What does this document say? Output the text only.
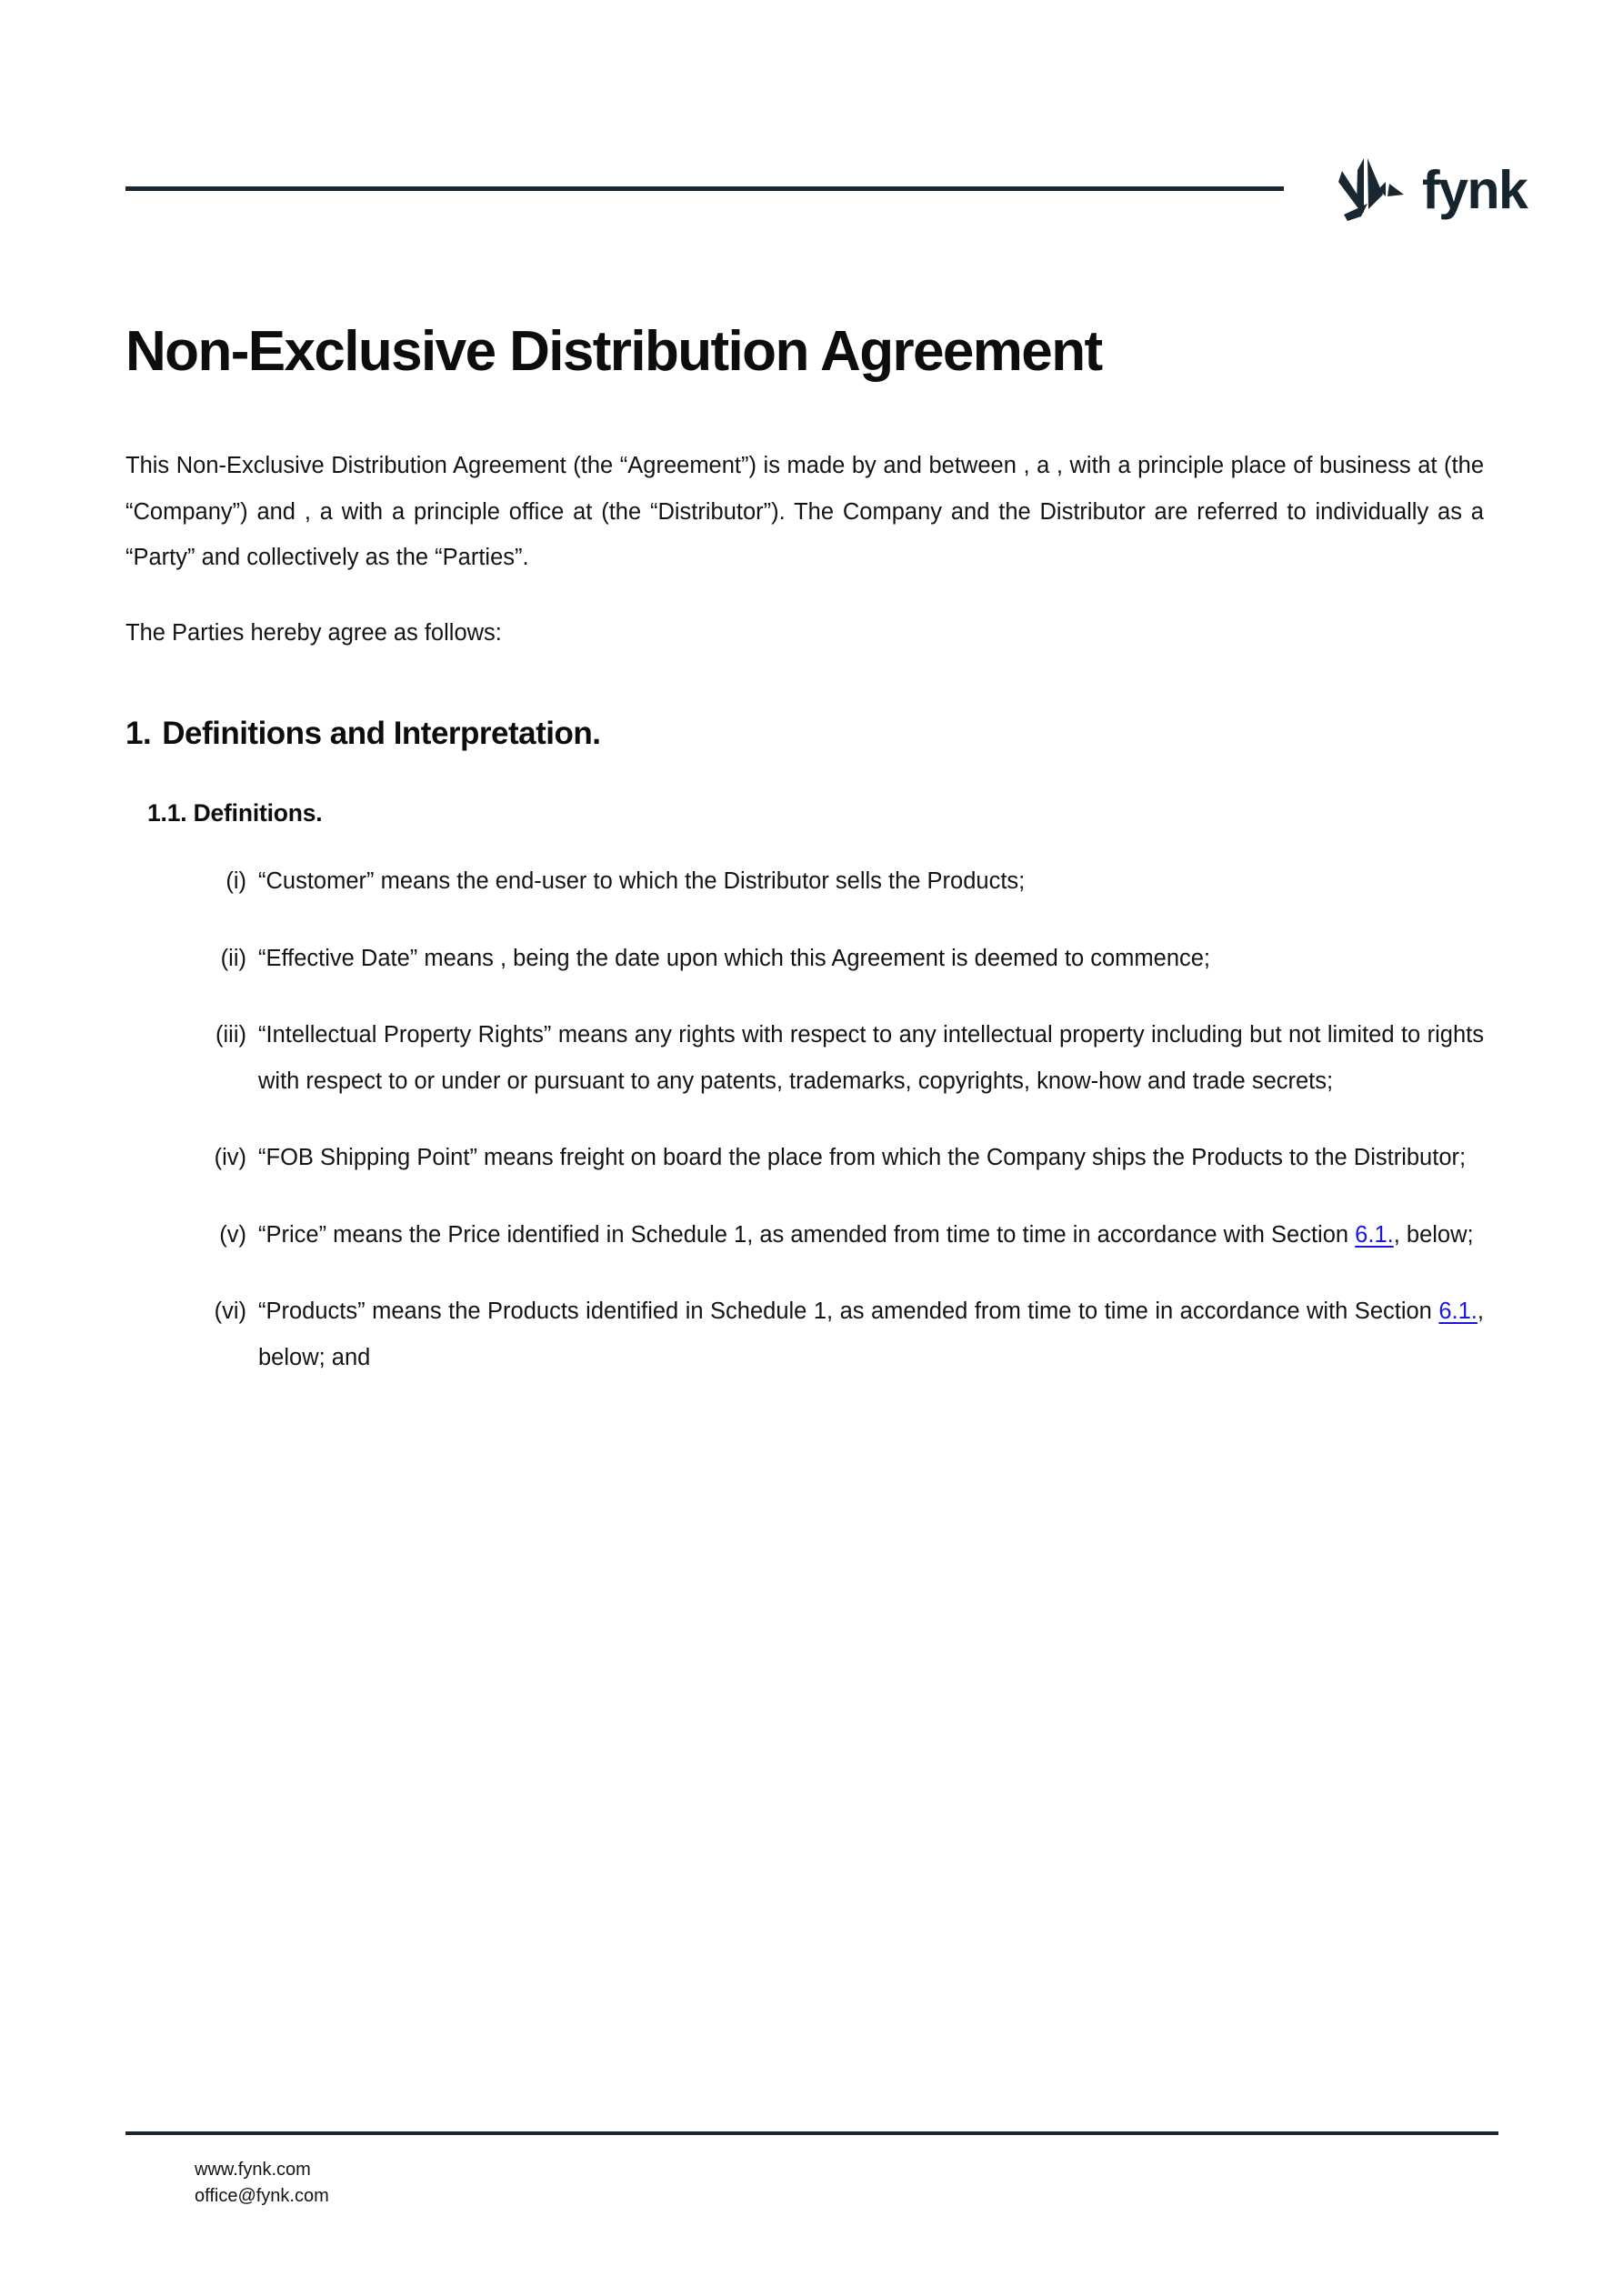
fynk
Non-Exclusive Distribution Agreement

This Non-Exclusive Distribution Agreement (the “Agreement”) is made by and between , a , with a principle place of business at (the “Company”) and , a with a principle office at (the “Distributor”). The Company and the Distributor are referred to individually as a “Party” and collectively as the “Parties”.

The Parties hereby agree as follows:

1. Definitions and Interpretation.
1.1. Definitions.
(i) “Customer” means the end-user to which the Distributor sells the Products;
(ii) “Effective Date” means , being the date upon which this Agreement is deemed to commence;
(iii) “Intellectual Property Rights” means any rights with respect to any intellectual property including but not limited to rights with respect to or under or pursuant to any patents, trademarks, copyrights, know-how and trade secrets;
(iv) “FOB Shipping Point” means freight on board the place from which the Company ships the Products to the Distributor;
(v) “Price” means the Price identified in Schedule 1, as amended from time to time in accordance with Section 6.1., below;
(vi) “Products” means the Products identified in Schedule 1, as amended from time to time in accordance with Section 6.1., below; and
www.fynk.com
office@fynk.com
